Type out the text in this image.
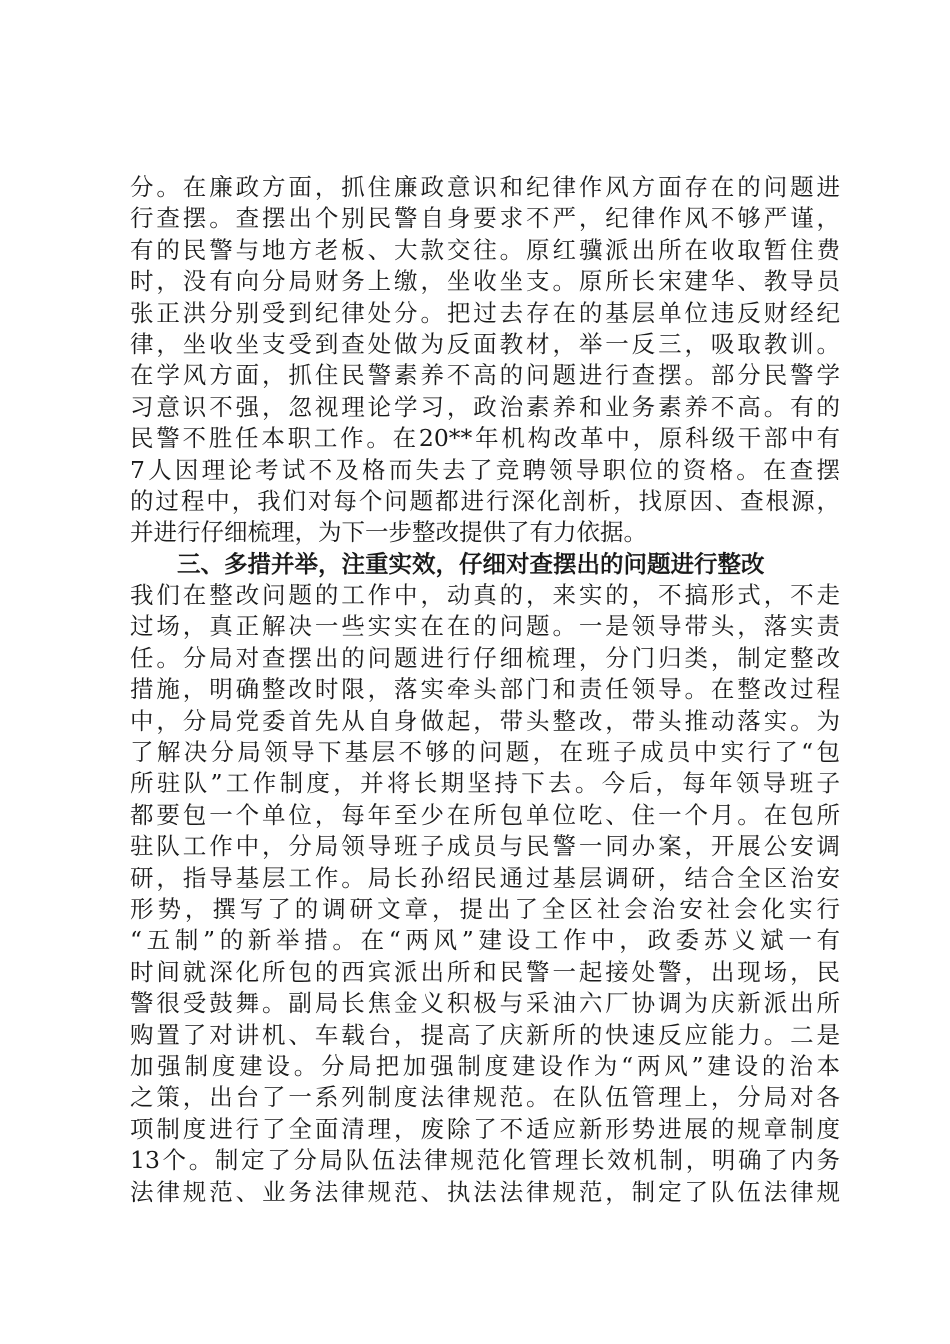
分。在廉政方面，抓住廉政意识和纪律作风方面存在的问题进
行查摆。查摆出个别民警自身要求不严，纪律作风不够严谨，
有的民警与地方老板、大款交往。原红骥派出所在收取暂住费
时，没有向分局财务上缴，坐收坐支。原所长宋建华、教导员
张正洪分别受到纪律处分。把过去存在的基层单位违反财经纪
律，坐收坐支受到查处做为反面教材，举一反三，吸取教训。
在学风方面，抓住民警素养不高的问题进行查摆。部分民警学
习意识不强，忽视理论学习，政治素养和业务素养不高。有的
民警不胜任本职工作。在20**年机构改革中，原科级干部中有
7人因理论考试不及格而失去了竞聘领导职位的资格。在查摆
的过程中，我们对每个问题都进行深化剖析，找原因、查根源，
并进行仔细梳理，为下一步整改提供了有力依据。
三、多措并举，注重实效，仔细对查摆出的问题进行整改
我们在整改问题的工作中，动真的，来实的，不搞形式，不走
过场，真正解决一些实实在在的问题。一是领导带头，落实责
任。分局对查摆出的问题进行仔细梳理，分门归类，制定整改
措施，明确整改时限，落实牵头部门和责任领导。在整改过程
中，分局党委首先从自身做起，带头整改，带头推动落实。为
了解决分局领导下基层不够的问题，在班子成员中实行了“包
所驻队”工作制度，并将长期坚持下去。今后，每年领导班子
都要包一个单位，每年至少在所包单位吃、住一个月。在包所
驻队工作中，分局领导班子成员与民警一同办案，开展公安调
研，指导基层工作。局长孙绍民通过基层调研，结合全区治安
形势，撰写了的调研文章，提出了全区社会治安社会化实行
“五制”的新举措。在“两风”建设工作中，政委苏义斌一有
时间就深化所包的西宾派出所和民警一起接处警，出现场，民
警很受鼓舞。副局长焦金义积极与采油六厂协调为庆新派出所
购置了对讲机、车载台，提高了庆新所的快速反应能力。二是
加强制度建设。分局把加强制度建设作为“两风”建设的治本
之策，出台了一系列制度法律规范。在队伍管理上，分局对各
项制度进行了全面清理，废除了不适应新形势进展的规章制度
13个。制定了分局队伍法律规范化管理长效机制，明确了内务
法律规范、业务法律规范、执法法律规范，制定了队伍法律规
